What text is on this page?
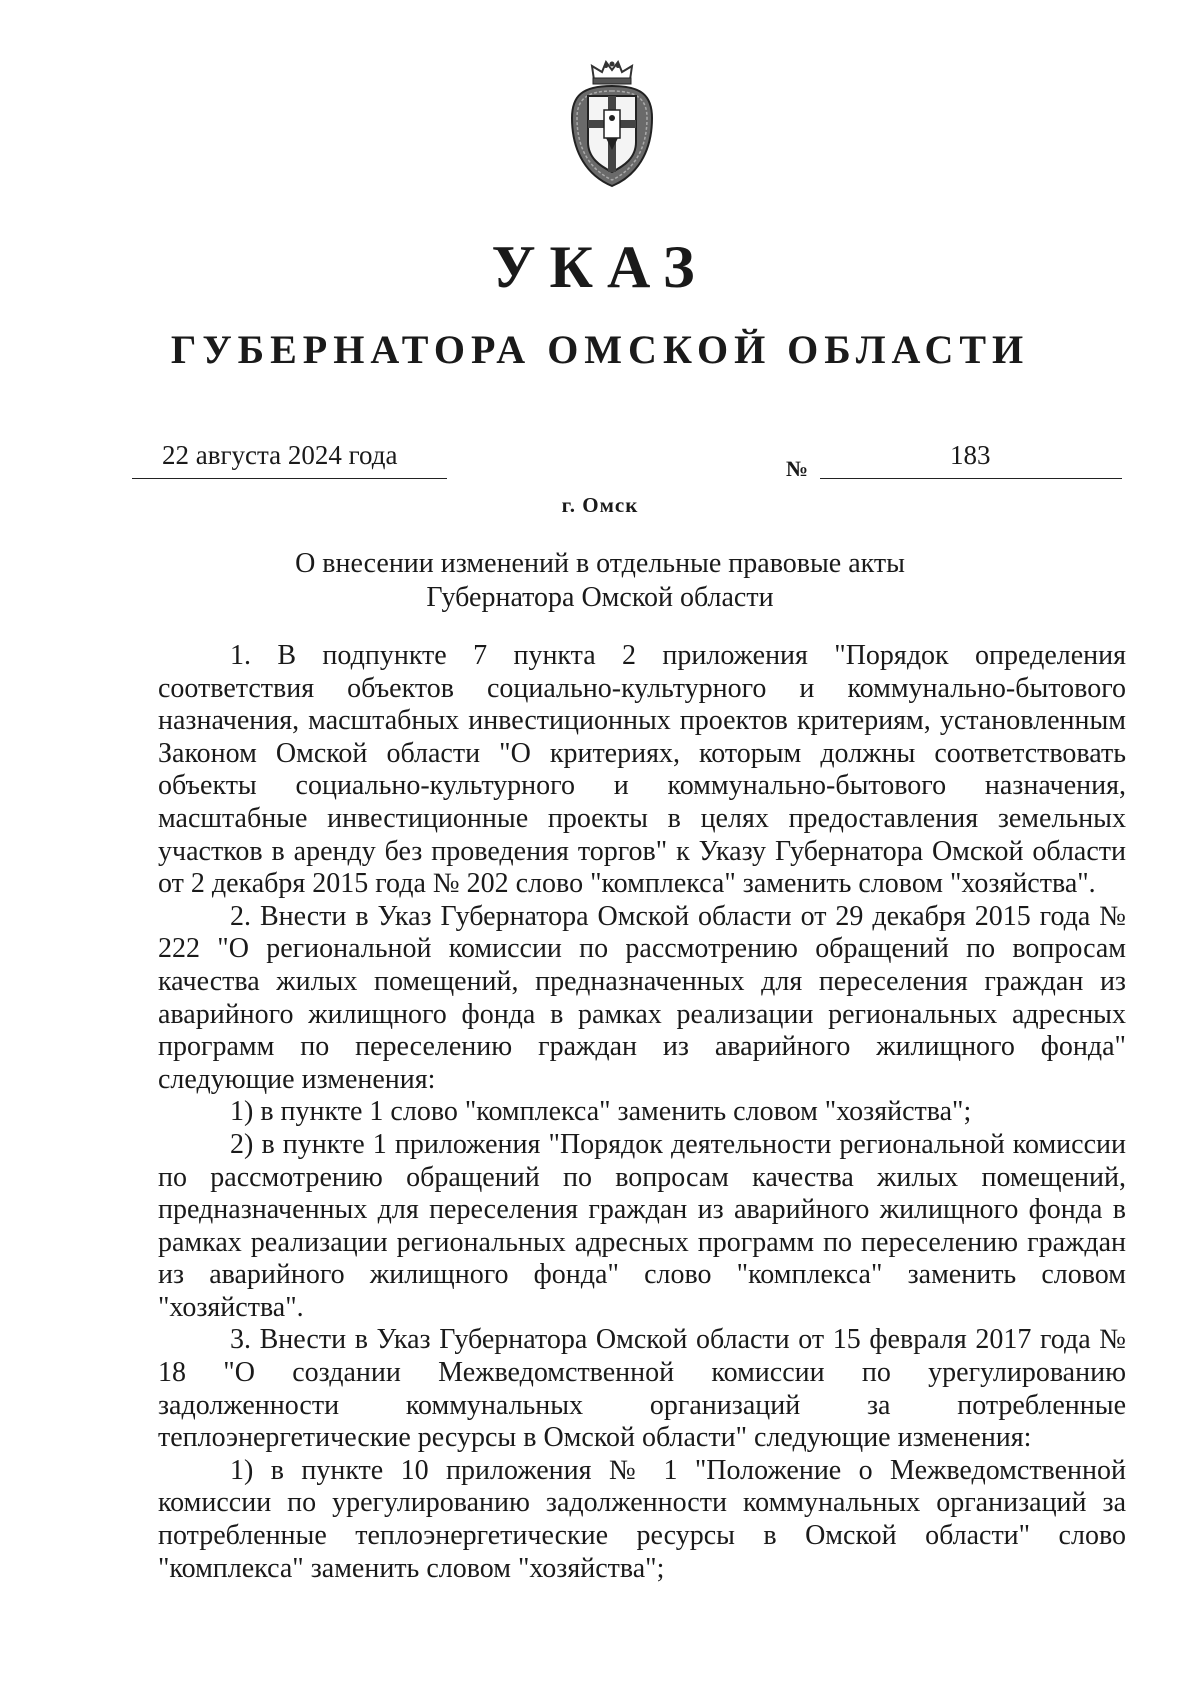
УКАЗ
ГУБЕРНАТОРА ОМСКОЙ ОБЛАСТИ
22 августа 2024 года	№	183
г. Омск
О внесении изменений в отдельные правовые акты
Губернатора Омской области

1. В подпункте 7 пункта 2 приложения "Порядок определения соответствия объектов социально-культурного и коммунально-бытового назначения, масштабных инвестиционных проектов критериям, установленным Законом Омской области "О критериях, которым должны соответствовать объекты социально-культурного и коммунально-бытового назначения, масштабные инвестиционные проекты в целях предоставления земельных участков в аренду без проведения торгов" к Указу Губернатора Омской области от 2 декабря 2015 года № 202 слово "комплекса" заменить словом "хозяйства".

2. Внести в Указ Губернатора Омской области от 29 декабря 2015 года № 222 "О региональной комиссии по рассмотрению обращений по вопросам качества жилых помещений, предназначенных для переселения граждан из аварийного жилищного фонда в рамках реализации региональных адресных программ по переселению граждан из аварийного жилищного фонда" следующие изменения:

1) в пункте 1 слово "комплекса" заменить словом "хозяйства";

2) в пункте 1 приложения "Порядок деятельности региональной комиссии по рассмотрению обращений по вопросам качества жилых помещений, предназначенных для переселения граждан из аварийного жилищного фонда в рамках реализации региональных адресных программ по переселению граждан из аварийного жилищного фонда" слово "комплекса" заменить словом "хозяйства".

3. Внести в Указ Губернатора Омской области от 15 февраля 2017 года № 18 "О создании Межведомственной комиссии по урегулированию задолженности коммунальных организаций за потребленные теплоэнергетические ресурсы в Омской области" следующие изменения:

1) в пункте 10 приложения № 1 "Положение о Межведомственной комиссии по урегулированию задолженности коммунальных организаций за потребленные теплоэнергетические ресурсы в Омской области" слово "комплекса" заменить словом "хозяйства";
